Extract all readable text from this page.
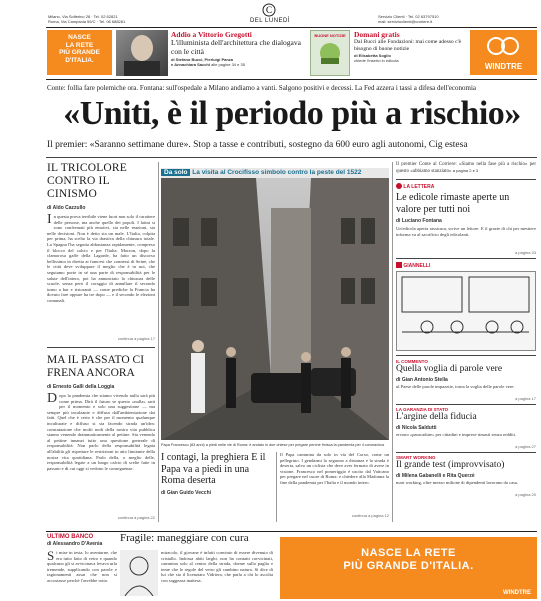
Milano, Via Solferino 28 · Tel. 02 62821
Roma, Via Campania 59/C · Tel. 06 688281
C
DEL LUNEDÌ
Servizio Clienti · Tel. 02 63797510
mail: servizioclienti@corriere.it
NASCE
LA RETE
PIÙ GRANDE
D'ITALIA.
Addio a Vittorio Gregotti
L'illuminista dell'architettura che dialogava con le città
di Stefano Bucci, Pierluigi Panza
e Annachiara Sacchi alle pagine 34 e 35
BUONE NOTIZIE	Domani gratis
Dal Bucci alle Fondazioni: mai come adesso c'è bisogno di buone notizie
di Elisabetta Soglio
chiede l'inserto in edicola
WINDTRE
Conte: follia fare polemiche ora. Fontana: sull'ospedale a Milano andiamo a vanti. Salgono positivi e decessi. La Fed azzera i tassi a difesa dell'economia
«Uniti, è il periodo più a rischio»
Il premier: «Saranno settimane dure». Stop a tasse e contributi, sostegno da 600 euro agli autonomi, Cig estesa
IL TRICOLORE CONTRO IL CINISMO
di Aldo Cazzullo
In questa prova terribile viene fuori non solo il carattere delle persone, ma anche quello dei popoli. I latini si sono confermati più emotivi, sia nelle reazioni, sia nelle decisioni. Non è detto sia un male. L'Italia, colpita per prima, ha scelto la via drastica della chiusura totale. La Spagna l'ha seguita abbastanza rapidamente, compreso il blocco del calcio e per l'Italia. Macron, dopo la clamorosa gaffe della Lagarde, ha fatto un discorso bellissimo in diretta ai francesi che connessi di Seine, che le città deve sviluppare il meglio che è in noi, che seguiamo porte in sé una parte di responsabilità per le salute dell'intera, poi ha annunciato la chiusura delle scuole, senza però il coraggio di annullare il secondo turno a bar e ristoranti — come prediche la Francia ha dovuto fare oppure ha tre dopo — e il secondo le elezioni comunali.
continua a pagina 17
MA IL PASSATO CI FRENA ANCORA
di Ernesto Galli della Loggia
Dopo la pandemia che stiamo vivendo nulla sarà più come prima. Dirà il futuro se questo «nulla» sarà per il momento e solo una suggestione — ma sempre più incalzante e diffusa dall'ambientazione dai fatti. Quel che è certo è che per il momento qualunque inculturate e diffuso si sta facendo strada un'idea: constatazione che molti nodi della nostra vita pubblica stanno venendo drammaticamente al pettine. Sta venendo al pettine innanzi tutto una questione generale di responsabilità. Non parlo della responsabilità legata all'abilità gli rispettare le restrizioni in atto limitante della nostra vita quotidiana. Parlo della, o meglio delle, responsabilità legate a un lungo calcio di scelte fatte in passato e di cui oggi si vedono le conseguenze.
continua a pagina 22
Da solo La visita al Crocifisso simbolo contro la peste del 1522
Papa Francesco (83 anni) a piedi nelle vie di Roma: è andato in due chiese per pregare perché finisca la pandemia per il coronavirus
I contagi, la preghiera E il Papa va a piedi in una Roma deserta
di Gian Guido Vecchi
Il Papa cammina da solo in via del Corso, come un pellegrino. I gendarmi lo seguono a distanza e la strada è deserta, salvo un ciclista che deve aver fermato di avere in visione. Francesco nel pomeriggio è uscito dal Vaticano per pregare nel cuore di Roma: e chiedere alla Madonna la fine della pandemia per l'Italia e il mondo intero.
continua a pagina 12
Il premier Conte al Corriere: «Siamo nella fase più a rischio» per questo «abbiamo stanziato» a pagina 2 e 3
LA LETTERA
Le edicole rimaste aperte un valore per tutti noi
di Luciano Fontana
Un'edicola aperta rassicura, scrive un lettore. E il grazie di chi per mestiere informa va al sacrificio degli edicolanti.
a pagina 33
GIANNELLI
IL COMMENTO
Quella voglia di parole vere
di Gian Antonio Stella
ul Paese delle parole impazzite, torna la voglia delle parole vere.
a pagina 17
LA GARANZIA DI STATO
L'argine della fiducia
di Nicola Saldutti
ervono «paracadute» per cittadini e imprese rimasti senza redditi.
a pagina 27
SMART WORKING
Il grande test (improvvisato)
di Milena Gabanelli e Rita Querzè
mart working, oltre mezzo milione di dipendenti lavorano da casa.
a pagina 20
ULTIMO BANCO
di Alessandro D'Avenia Fragile: maneggiare con cura
Si mise in testa, lo aventurne, che era tutto fatto di vetro e quando qualcuno gli si avvicinava levava urla tremende, supplicando con parole e ragionamenti assai che non si accostasse perché l'avrebbe rotto.
miracolo, il giovane è infatti convinto di essere divenuto di cristallo. Indossa abiti larghi, non ha contatti ravvicinati, cammina solo al centro della strada, dorme sulla paglia e teme che le regole del vetro gli cambino natura. Si dice di lui che sia il licenziato Vidriera, che parla a chi lo ascolta con saggezza inattesa.
NASCE LA RETE
PIÙ GRANDE D'ITALIA.
WINDTRE
